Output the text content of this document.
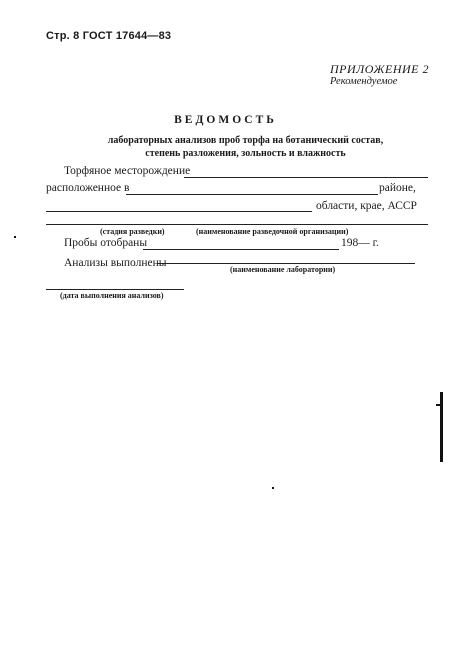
Стр. 8 ГОСТ 17644—83
ПРИЛОЖЕНИЕ 2
Рекомендуемое
ВЕДОМОСТЬ
лабораторных анализов проб торфа на ботанический состав,
степень разложения, зольность и влажность
Торфяное месторождение
расположенное в	районе,
области, крае, АССР
(стадия разведки)	(наименование разведочной организации)
Пробы отобраны	198— г.
Анализы выполнены
(наименование лаборатории)
(дата выполнения анализов)
